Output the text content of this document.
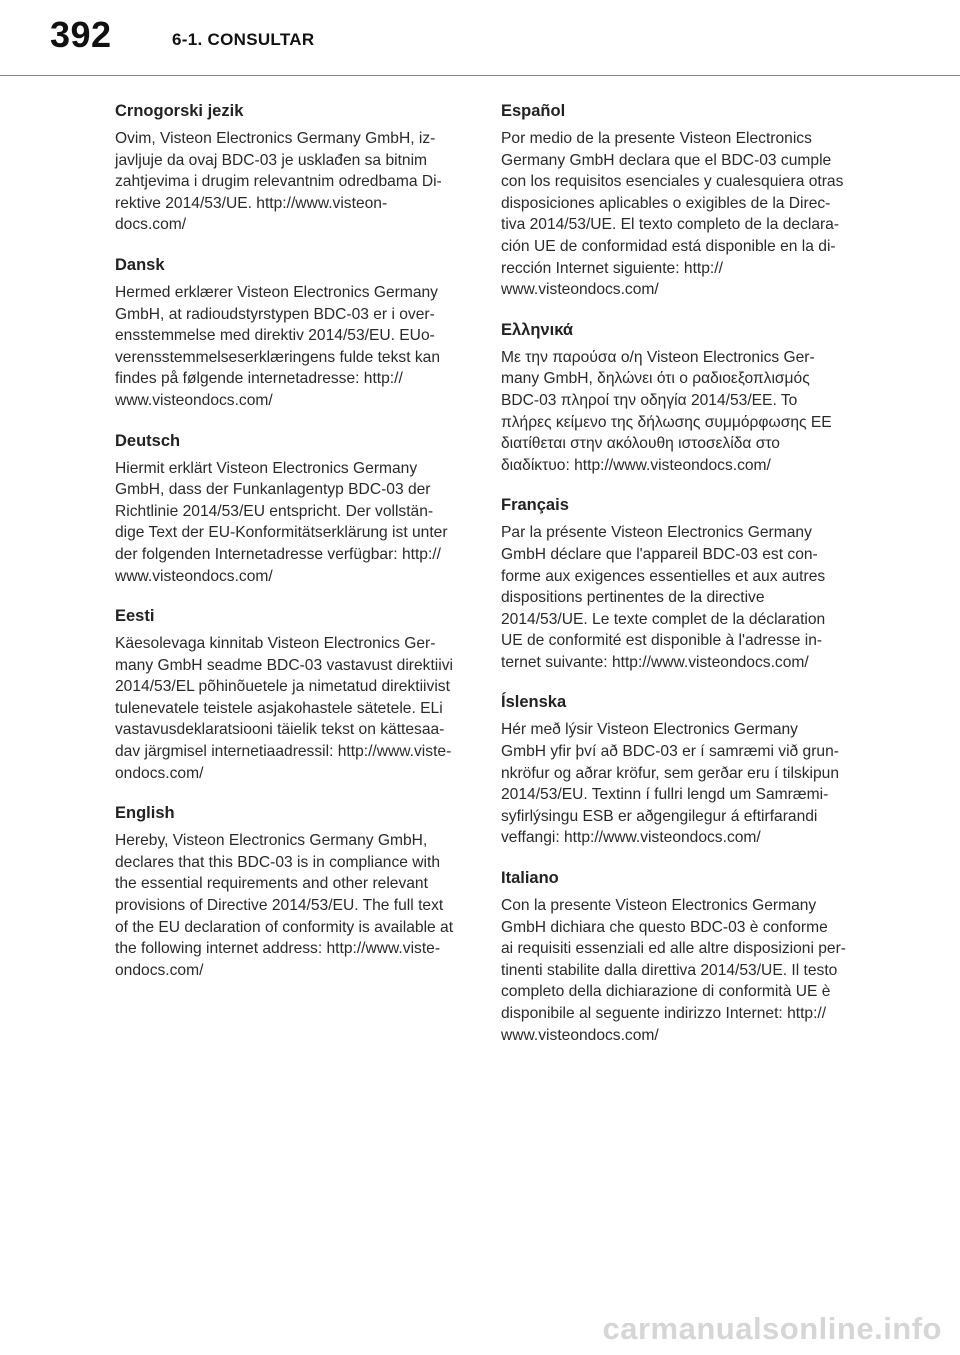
392	6-1. CONSULTAR
Crnogorski jezik

Ovim, Visteon Electronics Germany GmbH, iz-
javljuje da ovaj BDC-03 je usklađen sa bitnim
zahtjevima i drugim relevantnim odredbama Di-
rektive 2014/53/UE. http://www.visteon-
docs.com/

Dansk

Hermed erklærer Visteon Electronics Germany
GmbH, at radioudstyrstypen BDC-03 er i over-
ensstemmelse med direktiv 2014/53/EU. EUo-
verensstemmelseserklæringens fulde tekst kan
findes på følgende internetadresse: http://
www.visteondocs.com/

Deutsch

Hiermit erklärt Visteon Electronics Germany
GmbH, dass der Funkanlagentyp BDC-03 der
Richtlinie 2014/53/EU entspricht. Der vollstän-
dige Text der EU-Konformitätserklärung ist unter
der folgenden Internetadresse verfügbar: http://
www.visteondocs.com/

Eesti

Käesolevaga kinnitab Visteon Electronics Ger-
many GmbH seadme BDC-03 vastavust direktiivi
2014/53/EL põhinõuetele ja nimetatud direktiivist
tulenevatele teistele asjakohastele sätetele. ELi
vastavusdeklaratsiooni täielik tekst on kättesaa-
dav järgmisel internetiaadressil: http://www.viste-
ondocs.com/

English

Hereby, Visteon Electronics Germany GmbH,
declares that this BDC-03 is in compliance with
the essential requirements and other relevant
provisions of Directive 2014/53/EU. The full text
of the EU declaration of conformity is available at
the following internet address: http://www.viste-
ondocs.com/

Español

Por medio de la presente Visteon Electronics
Germany GmbH declara que el BDC-03 cumple
con los requisitos esenciales y cualesquiera otras
disposiciones aplicables o exigibles de la Direc-
tiva 2014/53/UE. El texto completo de la declara-
ción UE de conformidad está disponible en la di-
rección Internet siguiente: http://
www.visteondocs.com/

Ελληνικά

Με την παρούσα ο/η Visteon Electronics Ger-
many GmbH, δηλώνει ότι ο ραδιοεξοπλισμός
BDC-03 πληροί την οδηγία 2014/53/ΕΕ. Το
πλήρες κείμενο της δήλωσης συμμόρφωσης ΕΕ
διατίθεται στην ακόλουθη ιστοσελίδα στο
διαδίκτυο: http://www.visteondocs.com/

Français

Par la présente Visteon Electronics Germany
GmbH déclare que l'appareil BDC-03 est con-
forme aux exigences essentielles et aux autres
dispositions pertinentes de la directive
2014/53/UE. Le texte complet de la déclaration
UE de conformité est disponible à l'adresse in-
ternet suivante: http://www.visteondocs.com/

Íslenska

Hér með lýsir Visteon Electronics Germany
GmbH yfir því að BDC-03 er í samræmi við grun-
nkröfur og aðrar kröfur, sem gerðar eru í tilskipun
2014/53/EU. Textinn í fullri lengd um Samræmi-
syfirlýsingu ESB er aðgengilegur á eftirfarandi
veffangi: http://www.visteondocs.com/

Italiano

Con la presente Visteon Electronics Germany
GmbH dichiara che questo BDC-03 è conforme
ai requisiti essenziali ed alle altre disposizioni per-
tinenti stabilite dalla direttiva 2014/53/UE. Il testo
completo della dichiarazione di conformità UE è
disponibile al seguente indirizzo Internet: http://
www.visteondocs.com/

carmanualsonline.info
